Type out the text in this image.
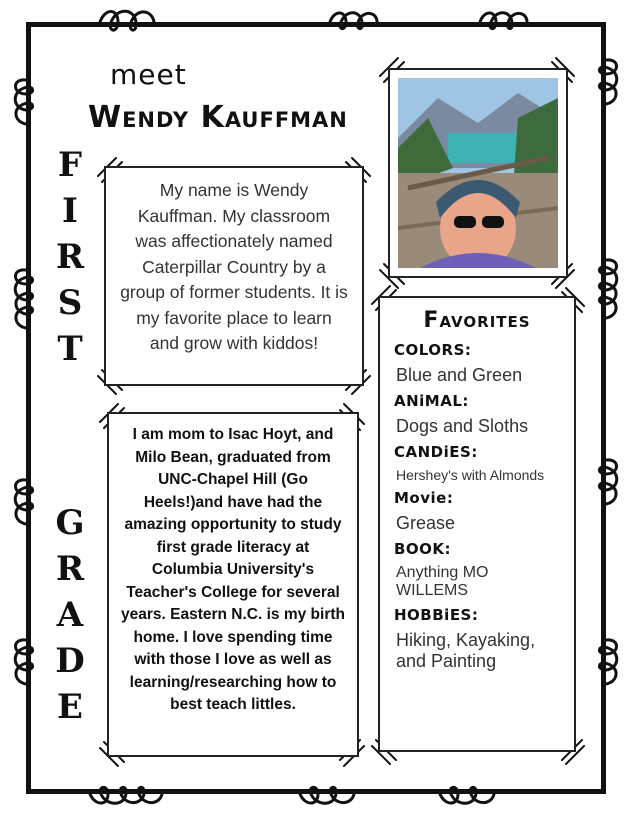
meet
Wendy Kauffman
F
I
R
S
T
G
R
A
D
E
My name is Wendy Kauffman. My classroom was affectionately named Caterpillar Country by a group of former students. It is my favorite place to learn and grow with kiddos!
I am mom to Isac Hoyt, and Milo Bean, graduated from UNC-Chapel Hill (Go Heels!)and have had the amazing opportunity to study first grade literacy at Columbia University's Teacher's College for several years. Eastern N.C. is my birth home. I love spending time with those I love as well as learning/researching how to best teach littles.
Favorites
COLORS:
Blue and Green
ANiMAL:
Dogs and Sloths
CANDiES:
Hershey's with Almonds
Movie:
Grease
BOOK:
Anything MO WILLEMS
HOBBiES:
Hiking, Kayaking, and Painting
